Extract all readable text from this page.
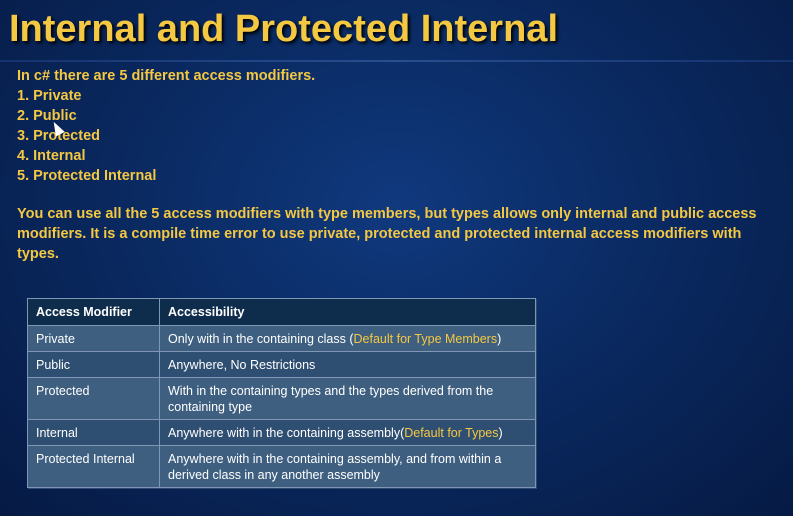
Internal and Protected Internal
In c# there are 5 different access modifiers.
1. Private
2. Public
3. Protected
4. Internal
5. Protected Internal
You can use all the 5 access modifiers with type members, but types allows only internal and public access modifiers. It is a compile time error to use private, protected and protected internal access modifiers with types.
Access Modifier	Accessibility
Private	Only with in the containing class (Default for Type Members)
Public	Anywhere, No Restrictions
Protected	With in the containing types and the types derived from the containing type
Internal	Anywhere with in the containing assembly(Default for Types)
Protected Internal	Anywhere with in the containing assembly, and from within a derived class in any another assembly
